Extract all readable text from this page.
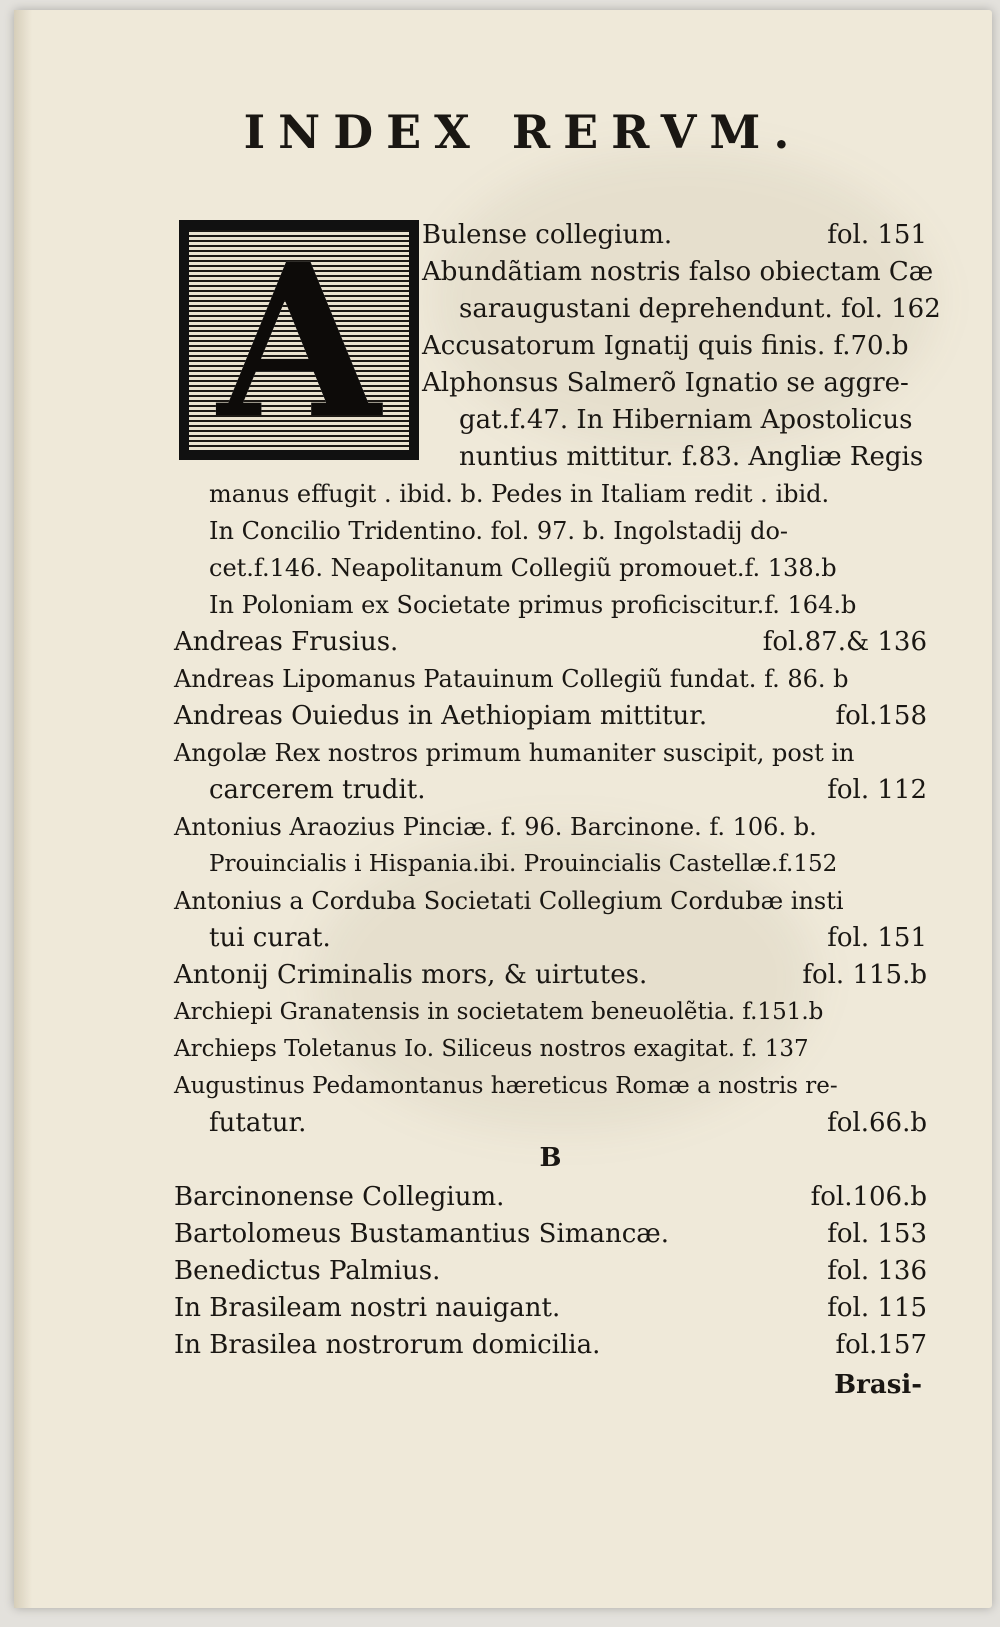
INDEX RERVM.
A	Bulense collegium.	fol. 151
Abundãtiam nostris falso obiectam Cæ
saraugustani deprehendunt. fol. 162
Accusatorum Ignatij quis finis. f.70.b
Alphonsus Salmerõ Ignatio se aggre-
gat.f.47. In Hiberniam Apostolicus
nuntius mittitur. f.83. Angliæ Regis
manus effugit . ibid. b. Pedes in Italiam redit . ibid.
In Concilio Tridentino. fol. 97. b. Ingolstadij do-
cet.f.146. Neapolitanum Collegiũ promouet.f. 138.b
In Poloniam ex Societate primus proficiscitur.f. 164.b
Andreas Frusius.	fol.87.& 136
Andreas Lipomanus Patauinum Collegiũ fundat. f. 86. b
Andreas Ouiedus in Aethiopiam mittitur.	fol.158
Angolæ Rex nostros primum humaniter suscipit, post in
carcerem trudit.	fol. 112
Antonius Araozius Pinciæ. f. 96. Barcinone. f. 106. b.
Prouincialis i Hispania.ibi. Prouincialis Castellæ.f.152
Antonius a Corduba Societati Collegium Cordubæ insti
tui curat.	fol. 151
Antonij Criminalis mors, & uirtutes.	fol. 115.b
Archiepi Granatensis in societatem beneuolẽtia. f.151.b
Archieps Toletanus Io. Siliceus nostros exagitat. f. 137
Augustinus Pedamontanus hæreticus Romæ a nostris re-
futatur.	fol.66.b
B
Barcinonense Collegium.	fol.106.b
Bartolomeus Bustamantius Simancæ.	fol. 153
Benedictus Palmius.	fol. 136
In Brasileam nostri nauigant.	fol. 115
In Brasilea nostrorum domicilia.	fol.157
Brasi-
